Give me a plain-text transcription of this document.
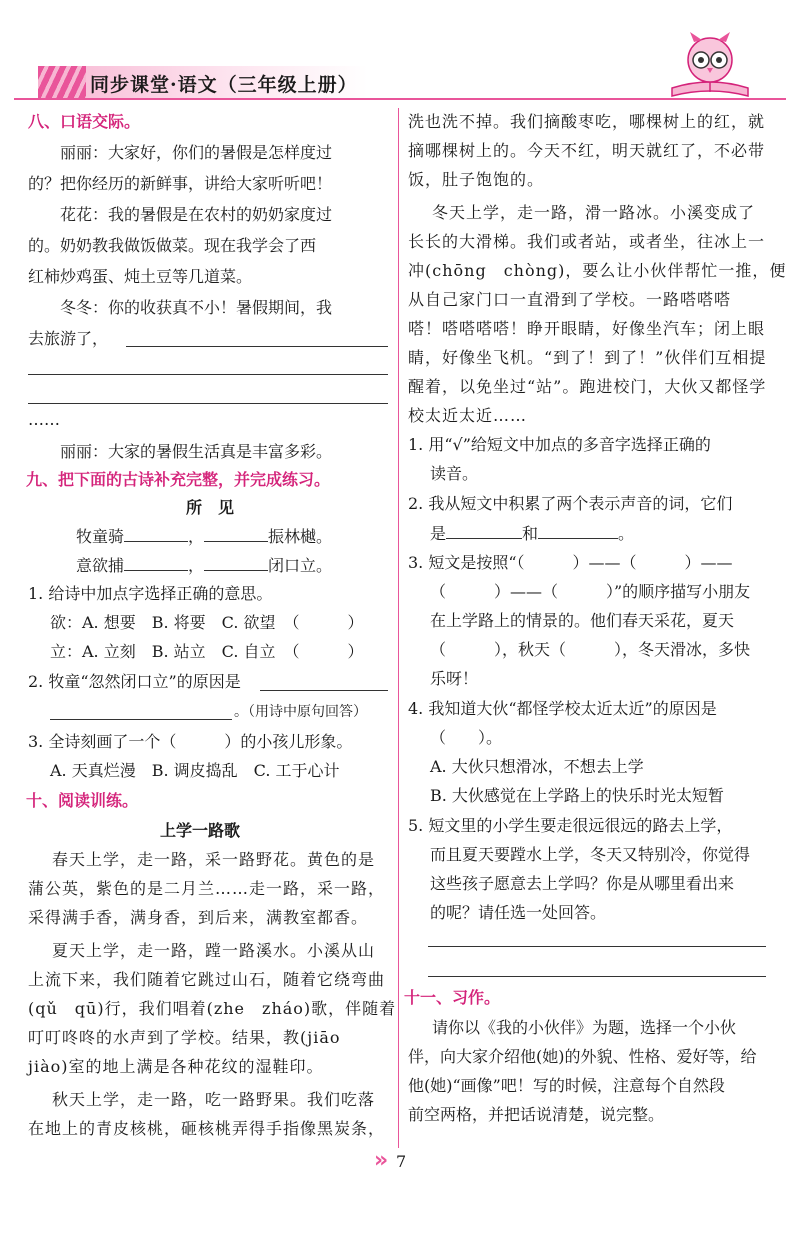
同步课堂·语文（三年级上册）
八、口语交际。
丽丽：大家好，你们的暑假是怎样度过
的？把你经历的新鲜事，讲给大家听听吧！
花花：我的暑假是在农村的奶奶家度过
的。奶奶教我做饭做菜。现在我学会了西
红柿炒鸡蛋、炖土豆等几道菜。
冬冬：你的收获真不小！暑假期间，我
去旅游了，
……
丽丽：大家的暑假生活真是丰富多彩。
九、把下面的古诗补充完整，并完成练习。
所　见
牧童骑	，	振林樾。
意欲捕	，	闭口立。
1. 给诗中加点字选择正确的意思。
欲：A. 想要　B. 将要　C. 欲望　（　　　）
立：A. 立刻　B. 站立　C. 自立　（　　　）
2. 牧童“忽然闭口立”的原因是
。（用诗中原句回答）
3. 全诗刻画了一个（　　　）的小孩儿形象。
A. 天真烂漫　B. 调皮捣乱　C. 工于心计
十、阅读训练。
上学一路歌
春天上学，走一路，采一路野花。黄色的是
蒲公英，紫色的是二月兰……走一路，采一路，
采得满手香，满身香，到后来，满教室都香。
夏天上学，走一路，蹚一路溪水。小溪从山
上流下来，我们随着它跳过山石，随着它绕弯曲
(qǔ　qū)行，我们唱着(zhe　zháo)歌，伴随着
叮叮咚咚的水声到了学校。结果，教(jiāo
jiào)室的地上满是各种花纹的湿鞋印。
秋天上学，走一路，吃一路野果。我们吃落
在地上的青皮核桃，砸核桃弄得手指像黑炭条，
洗也洗不掉。我们摘酸枣吃，哪棵树上的红，就
摘哪棵树上的。今天不红，明天就红了，不必带
饭，肚子饱饱的。
冬天上学，走一路，滑一路冰。小溪变成了
长长的大滑梯。我们或者站，或者坐，往冰上一
冲(chōng　chòng)，要么让小伙伴帮忙一推，便
从自己家门口一直滑到了学校。一路嗒嗒嗒
嗒！嗒嗒嗒嗒！睁开眼睛，好像坐汽车；闭上眼
睛，好像坐飞机。“到了！到了！”伙伴们互相提
醒着，以免坐过“站”。跑进校门，大伙又都怪学
校太近太近……
1. 用“√”给短文中加点的多音字选择正确的
读音。
2. 我从短文中积累了两个表示声音的词，它们
是	和	。
3. 短文是按照“（　　　）——（　　　）——
（　　　）——（　　　）”的顺序描写小朋友
在上学路上的情景的。他们春天采花，夏天
（　　　），秋天（　　　），冬天滑冰，多快
乐呀！
4. 我知道大伙“都怪学校太近太近”的原因是
（　　）。
A. 大伙只想滑冰，不想去上学
B. 大伙感觉在上学路上的快乐时光太短暂
5. 短文里的小学生要走很远很远的路去上学，
而且夏天要蹚水上学，冬天又特别冷，你觉得
这些孩子愿意去上学吗？你是从哪里看出来
的呢？请任选一处回答。
十一、习作。
请你以《我的小伙伴》为题，选择一个小伙
伴，向大家介绍他(她)的外貌、性格、爱好等，给
他(她)“画像”吧！写的时候，注意每个自然段
前空两格，并把话说清楚，说完整。
» 7
